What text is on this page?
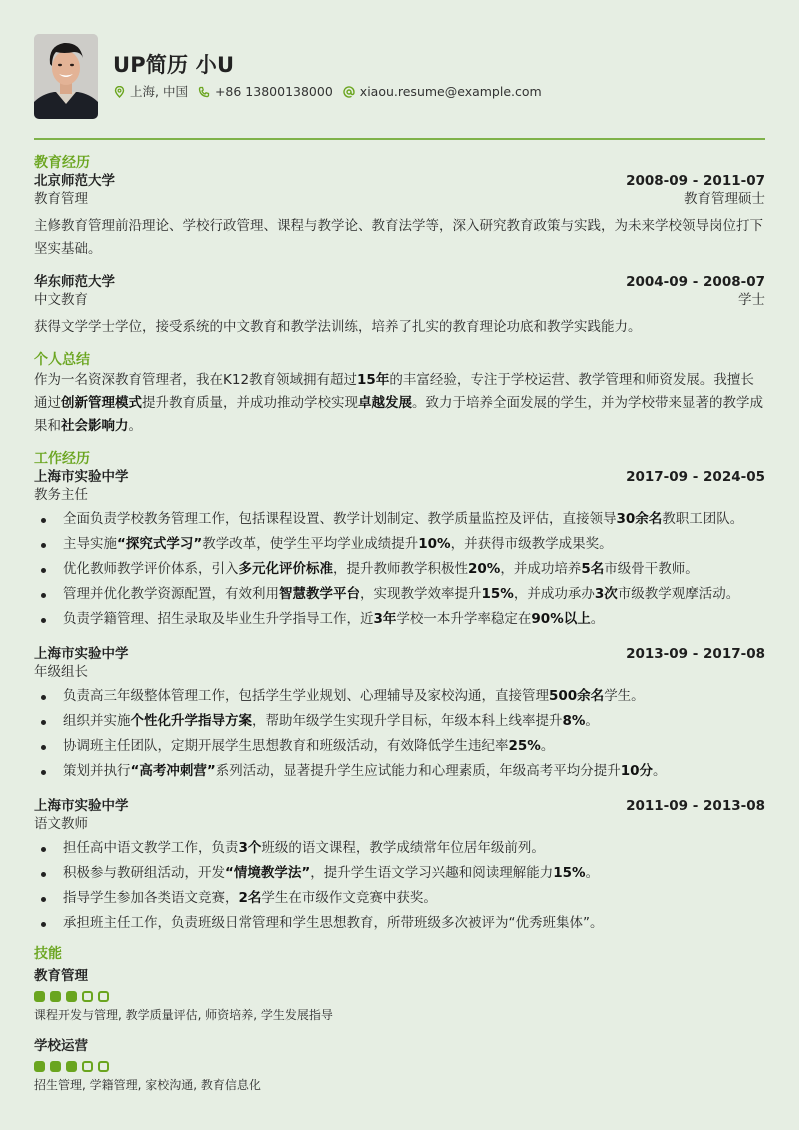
UP简历 小U
上海, 中国 +86 13800138000 xiaou.resume@example.com
教育经历
北京师范大学	2008-09 - 2011-07
教育管理	教育管理硕士
主修教育管理前沿理论、学校行政管理、课程与教学论、教育法学等，深入研究教育政策与实践，为未来学校领导岗位打下坚实基础。
华东师范大学	2004-09 - 2008-07
中文教育	学士
获得文学学士学位，接受系统的中文教育和教学法训练，培养了扎实的教育理论功底和教学实践能力。
个人总结
作为一名资深教育管理者，我在K12教育领域拥有超过15年的丰富经验，专注于学校运营、教学管理和师资发展。我擅长通过创新管理模式提升教育质量，并成功推动学校实现卓越发展。致力于培养全面发展的学生，并为学校带来显著的教学成果和社会影响力。
工作经历
上海市实验中学	2017-09 - 2024-05
教务主任
全面负责学校教务管理工作，包括课程设置、教学计划制定、教学质量监控及评估，直接领导30余名教职工团队。
主导实施“探究式学习”教学改革，使学生平均学业成绩提升10%，并获得市级教学成果奖。
优化教师教学评价体系，引入多元化评价标准，提升教师教学积极性20%，并成功培养5名市级骨干教师。
管理并优化教学资源配置，有效利用智慧教学平台，实现教学效率提升15%，并成功承办3次市级教学观摩活动。
负责学籍管理、招生录取及毕业生升学指导工作，近3年学校一本升学率稳定在90%以上。
上海市实验中学	2013-09 - 2017-08
年级组长
负责高三年级整体管理工作，包括学生学业规划、心理辅导及家校沟通，直接管理500余名学生。
组织并实施个性化升学指导方案，帮助年级学生实现升学目标，年级本科上线率提升8%。
协调班主任团队，定期开展学生思想教育和班级活动，有效降低学生违纪率25%。
策划并执行“高考冲刺营”系列活动，显著提升学生应试能力和心理素质，年级高考平均分提升10分。
上海市实验中学	2011-09 - 2013-08
语文教师
担任高中语文教学工作，负责3个班级的语文课程，教学成绩常年位居年级前列。
积极参与教研组活动，开发“情境教学法”，提升学生语文学习兴趣和阅读理解能力15%。
指导学生参加各类语文竞赛，2名学生在市级作文竞赛中获奖。
承担班主任工作，负责班级日常管理和学生思想教育，所带班级多次被评为“优秀班集体”。
技能
教育管理
课程开发与管理, 教学质量评估, 师资培养, 学生发展指导
学校运营
招生管理, 学籍管理, 家校沟通, 教育信息化
